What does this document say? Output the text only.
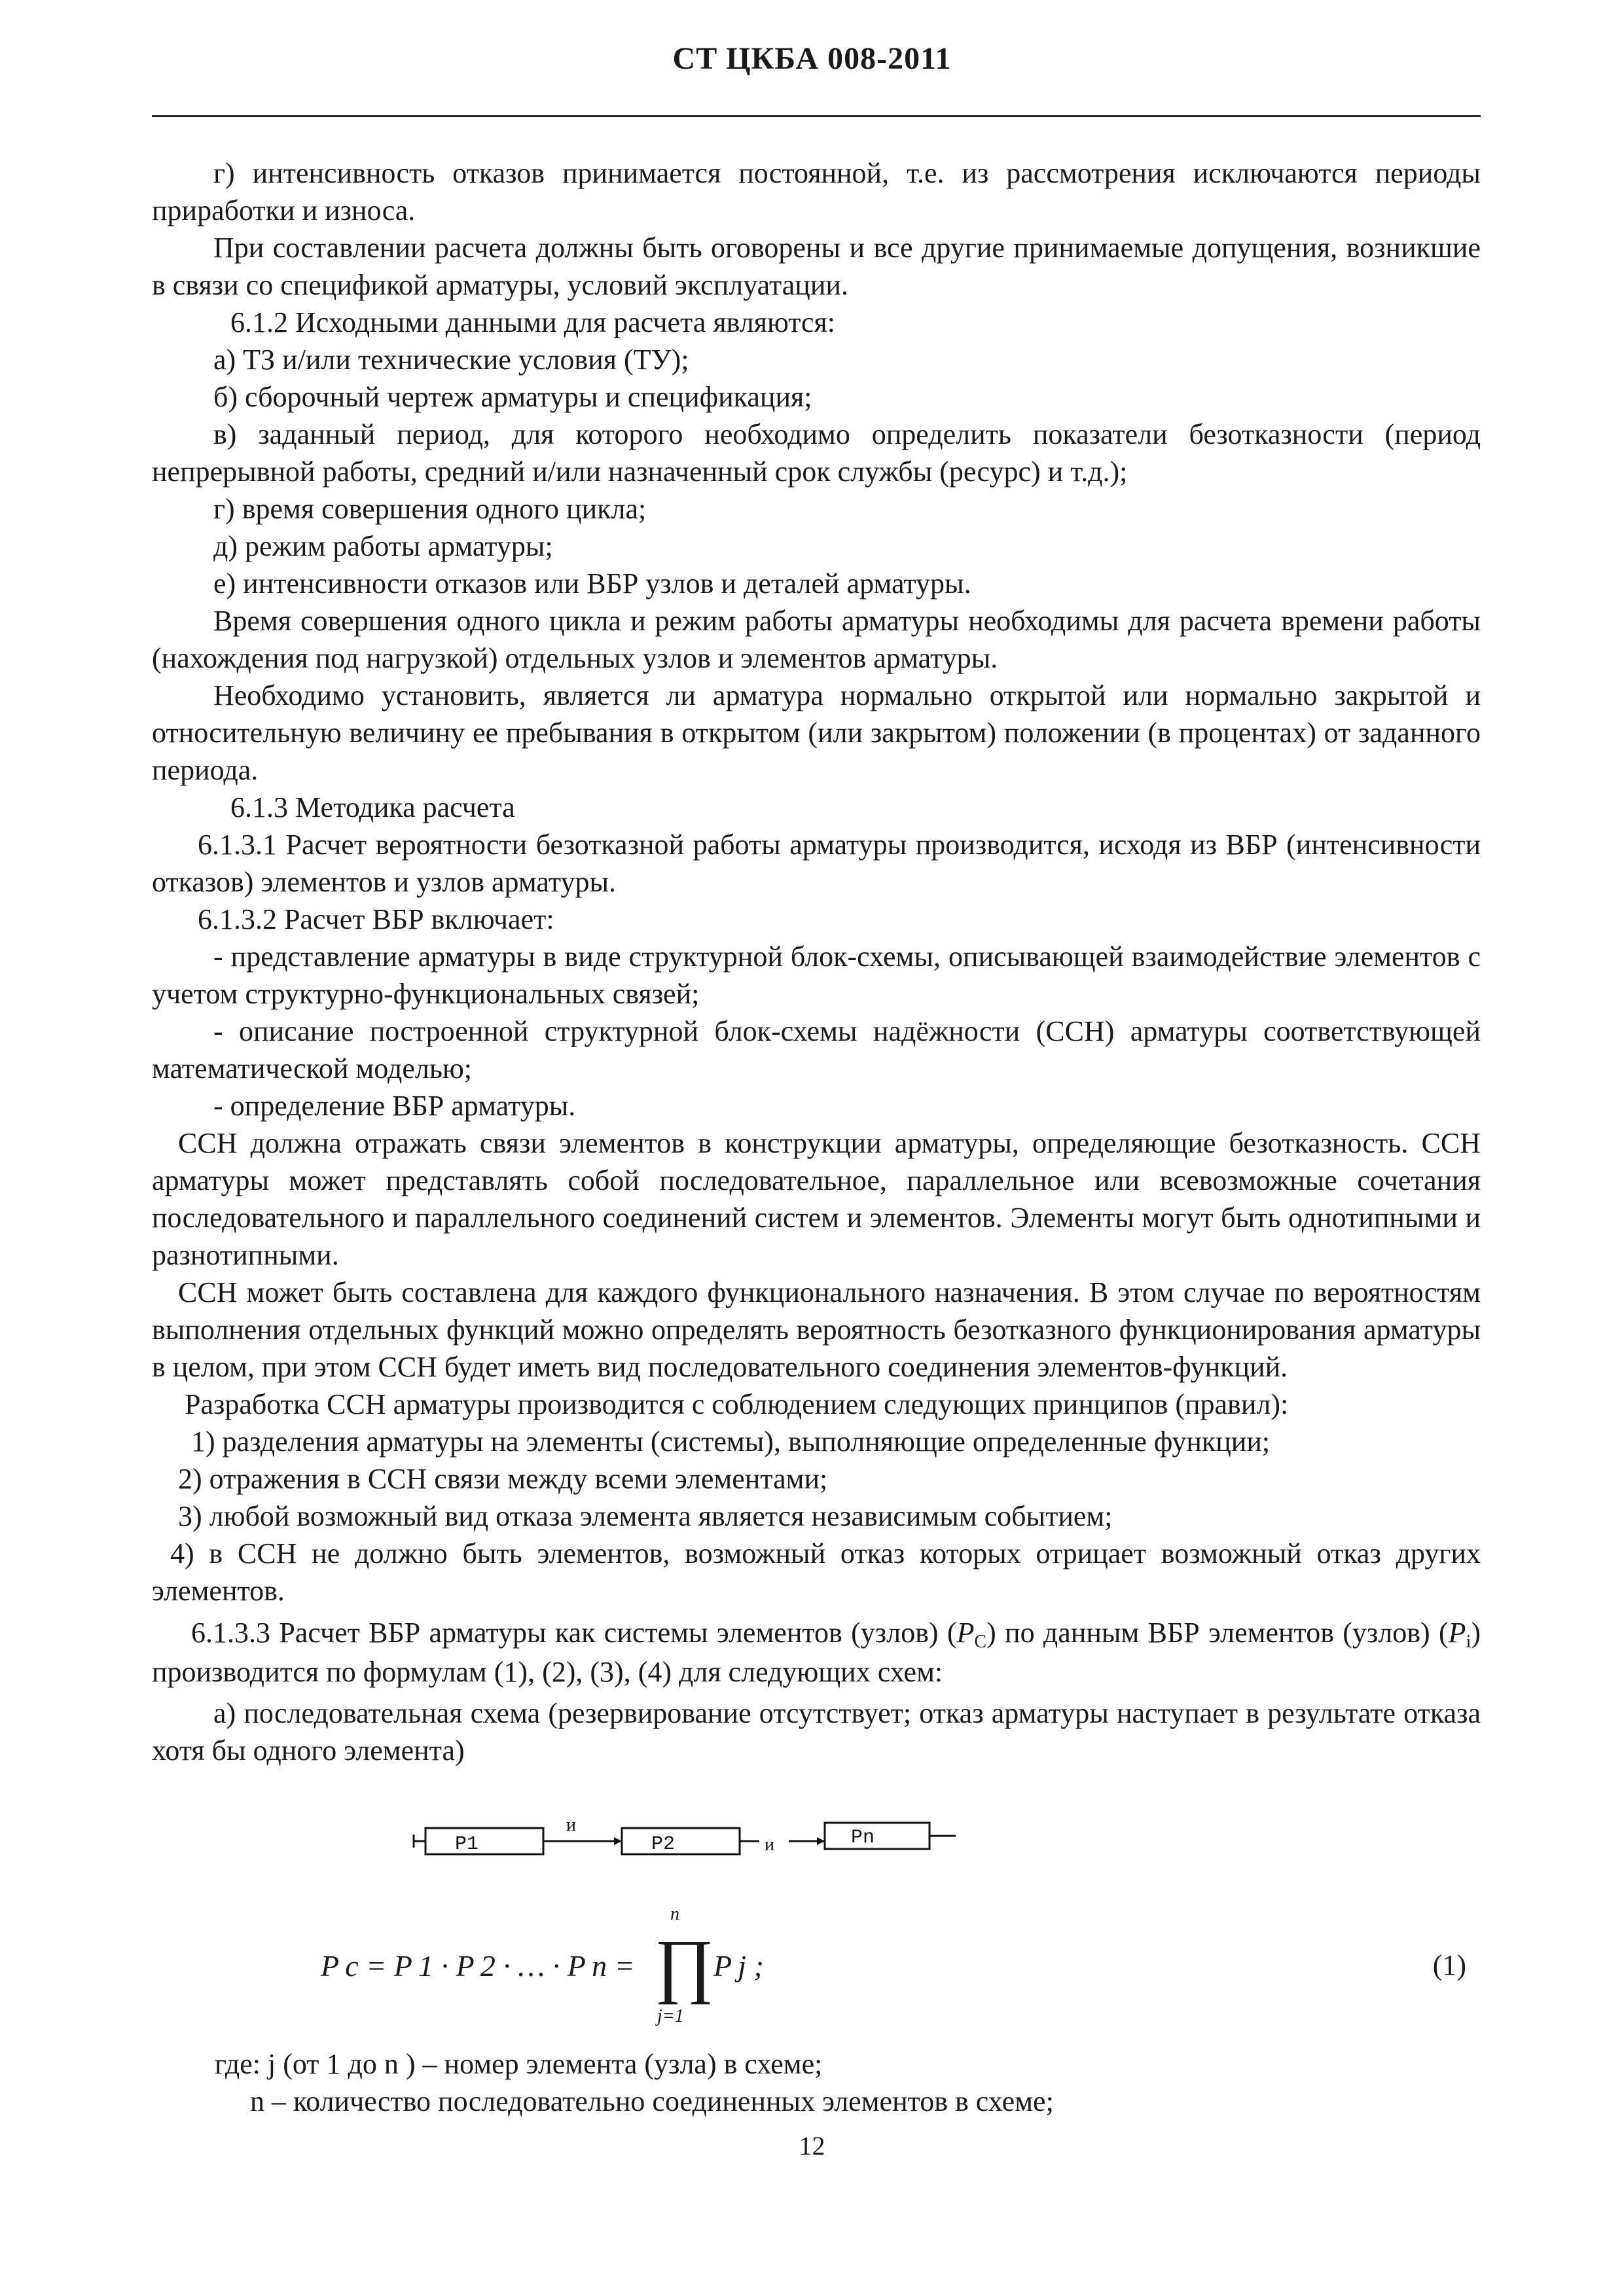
СТ ЦКБА 008-2011

г) интенсивность отказов принимается постоянной, т.е. из рассмотрения исключаются периоды приработки и износа.

При составлении расчета должны быть оговорены и все другие принимаемые допущения, возникшие в связи со спецификой арматуры, условий эксплуатации.

6.1.2 Исходными данными для расчета являются:

а) ТЗ и/или технические условия (ТУ);

б) сборочный чертеж арматуры и спецификация;

в) заданный период, для которого необходимо определить показатели безотказности (период непрерывной работы, средний и/или назначенный срок службы (ресурс) и т.д.);

г) время совершения одного цикла;

д) режим работы арматуры;

е) интенсивности отказов или ВБР узлов и деталей арматуры.

Время совершения одного цикла и режим работы арматуры необходимы для расчета времени работы (нахождения под нагрузкой) отдельных узлов и элементов арматуры.

Необходимо установить, является ли арматура нормально открытой или нормально закрытой и относительную величину ее пребывания в открытом (или закрытом) положении (в процентах) от заданного периода.

6.1.3 Методика расчета

6.1.3.1 Расчет вероятности безотказной работы арматуры производится, исходя из ВБР (интенсивности отказов) элементов и узлов арматуры.

6.1.3.2 Расчет ВБР включает:

- представление арматуры в виде структурной блок-схемы, описывающей взаимодействие элементов с учетом структурно-функциональных связей;

- описание построенной структурной блок-схемы надёжности (ССН) арматуры соответствующей математической моделью;

- определение ВБР арматуры.

ССН должна отражать связи элементов в конструкции арматуры, определяющие безотказность. ССН арматуры может представлять собой последовательное, параллельное или всевозможные сочетания последовательного и параллельного соединений систем и элементов. Элементы могут быть однотипными и разнотипными.

ССН может быть составлена для каждого функционального назначения. В этом случае по вероятностям выполнения отдельных функций можно определять вероятность безотказного функционирования арматуры в целом, при этом ССН будет иметь вид последовательного соединения элементов-функций.

Разработка ССН арматуры производится с соблюдением следующих принципов (правил):

1) разделения арматуры на элементы (системы), выполняющие определенные функции;

2) отражения в ССН связи между всеми элементами;

3) любой возможный вид отказа элемента является независимым событием;

4) в ССН не должно быть элементов, возможный отказ которых отрицает возможный отказ других элементов.

6.1.3.3 Расчет ВБР арматуры как системы элементов (узлов) $(P_С)$ по данным ВБР элементов (узлов) $(P_i)$ производится по формулам (1), (2), (3), (4) для следующих схем:

а) последовательная схема (резервирование отсутствует; отказ арматуры наступает в результате отказа хотя бы одного элемента)

P1
и
P2	и	Pn
P c = P 1 · P 2 · … · P n =
n
∏
j=1
P j ;	(1)

где: j (от 1 до n ) – номер элемента (узла) в схеме;

n – количество последовательно соединенных элементов в схеме;

12
